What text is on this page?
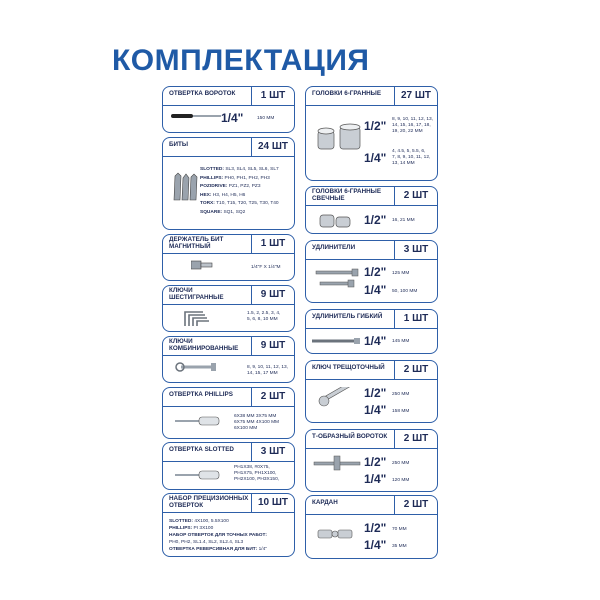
КОМПЛЕКТАЦИЯ
ОТВЕРТКА ВОРОТОК	1 ШТ
1/4"	150 ММ
БИТЫ	24 ШТ
SLOTTED: SL3, SL4, SL5, SL6, SL7
PHILLIPS: PH0, PH1, PH2, PH3
POZIDRIVE: PZ1, PZ2, PZ3
HEX: H3, H4, H5, H6
TORX: T10, T15, T20, T25, T30, T40
SQUARE: SQ1, SQ2
ДЕРЖАТЕЛЬ БИТ
МАГНИТНЫЙ	1 ШТ
1/4"F X 1/4"M
КЛЮЧИ
ШЕСТИГРАННЫЕ	9 ШТ
1.5, 2, 2.5, 3, 4,
5, 6, 8, 10 ММ
КЛЮЧИ
КОМБИНИРОВАННЫЕ	9 ШТ
8, 9, 10, 11, 12, 13,
14, 15, 17 ММ
ОТВЕРТКА PHILLIPS	2 ШТ
6X38 ММ 3X75 ММ
6X75 ММ 4X100 ММ
6X100 ММ
ОТВЕРТКА SLOTTED	3 ШТ
PH1X38, #0X75,
PH1X75, PH1X100,
PH2X100, PH3X150,
НАБОР ПРЕЦИЗИОННЫХ
ОТВЕРТОК	10 ШТ
SLOTTED: 4X100, 5.5X100
PHILLIPS: PI 3X100
НАБОР ОТВЕРТОК ДЛЯ ТОЧНЫХ РАБОТ:
PH0, PH2, SL1.4, SL2, SL2.4, SL3
ОТВЕРТКА РЕВЕРСИВНАЯ ДЛЯ БИТ: 1/4"
ГОЛОВКИ 6-ГРАННЫЕ	27 ШТ
1/2" 8, 9, 10, 11, 12, 13,
14, 15, 16, 17, 18,
19, 20, 22 ММ
1/4" 4, 4.5, 5, 5.5, 6,
7, 8, 9, 10, 11, 12,
13, 14 ММ
ГОЛОВКИ 6-ГРАННЫЕ
СВЕЧНЫЕ	2 ШТ
1/2" 16, 21 ММ
УДЛИНИТЕЛИ	3 ШТ
1/2" 125 ММ
1/4" 50, 100 ММ
УДЛИНИТЕЛЬ ГИБКИЙ	1 ШТ
1/4" 145 ММ
КЛЮЧ ТРЕЩОТОЧНЫЙ	2 ШТ
1/2" 250 ММ
1/4" 158 ММ
Т-ОБРАЗНЫЙ ВОРОТОК	2 ШТ
1/2" 250 ММ
1/4" 120 ММ
КАРДАН	2 ШТ
1/2" 70 ММ
1/4" 35 ММ
